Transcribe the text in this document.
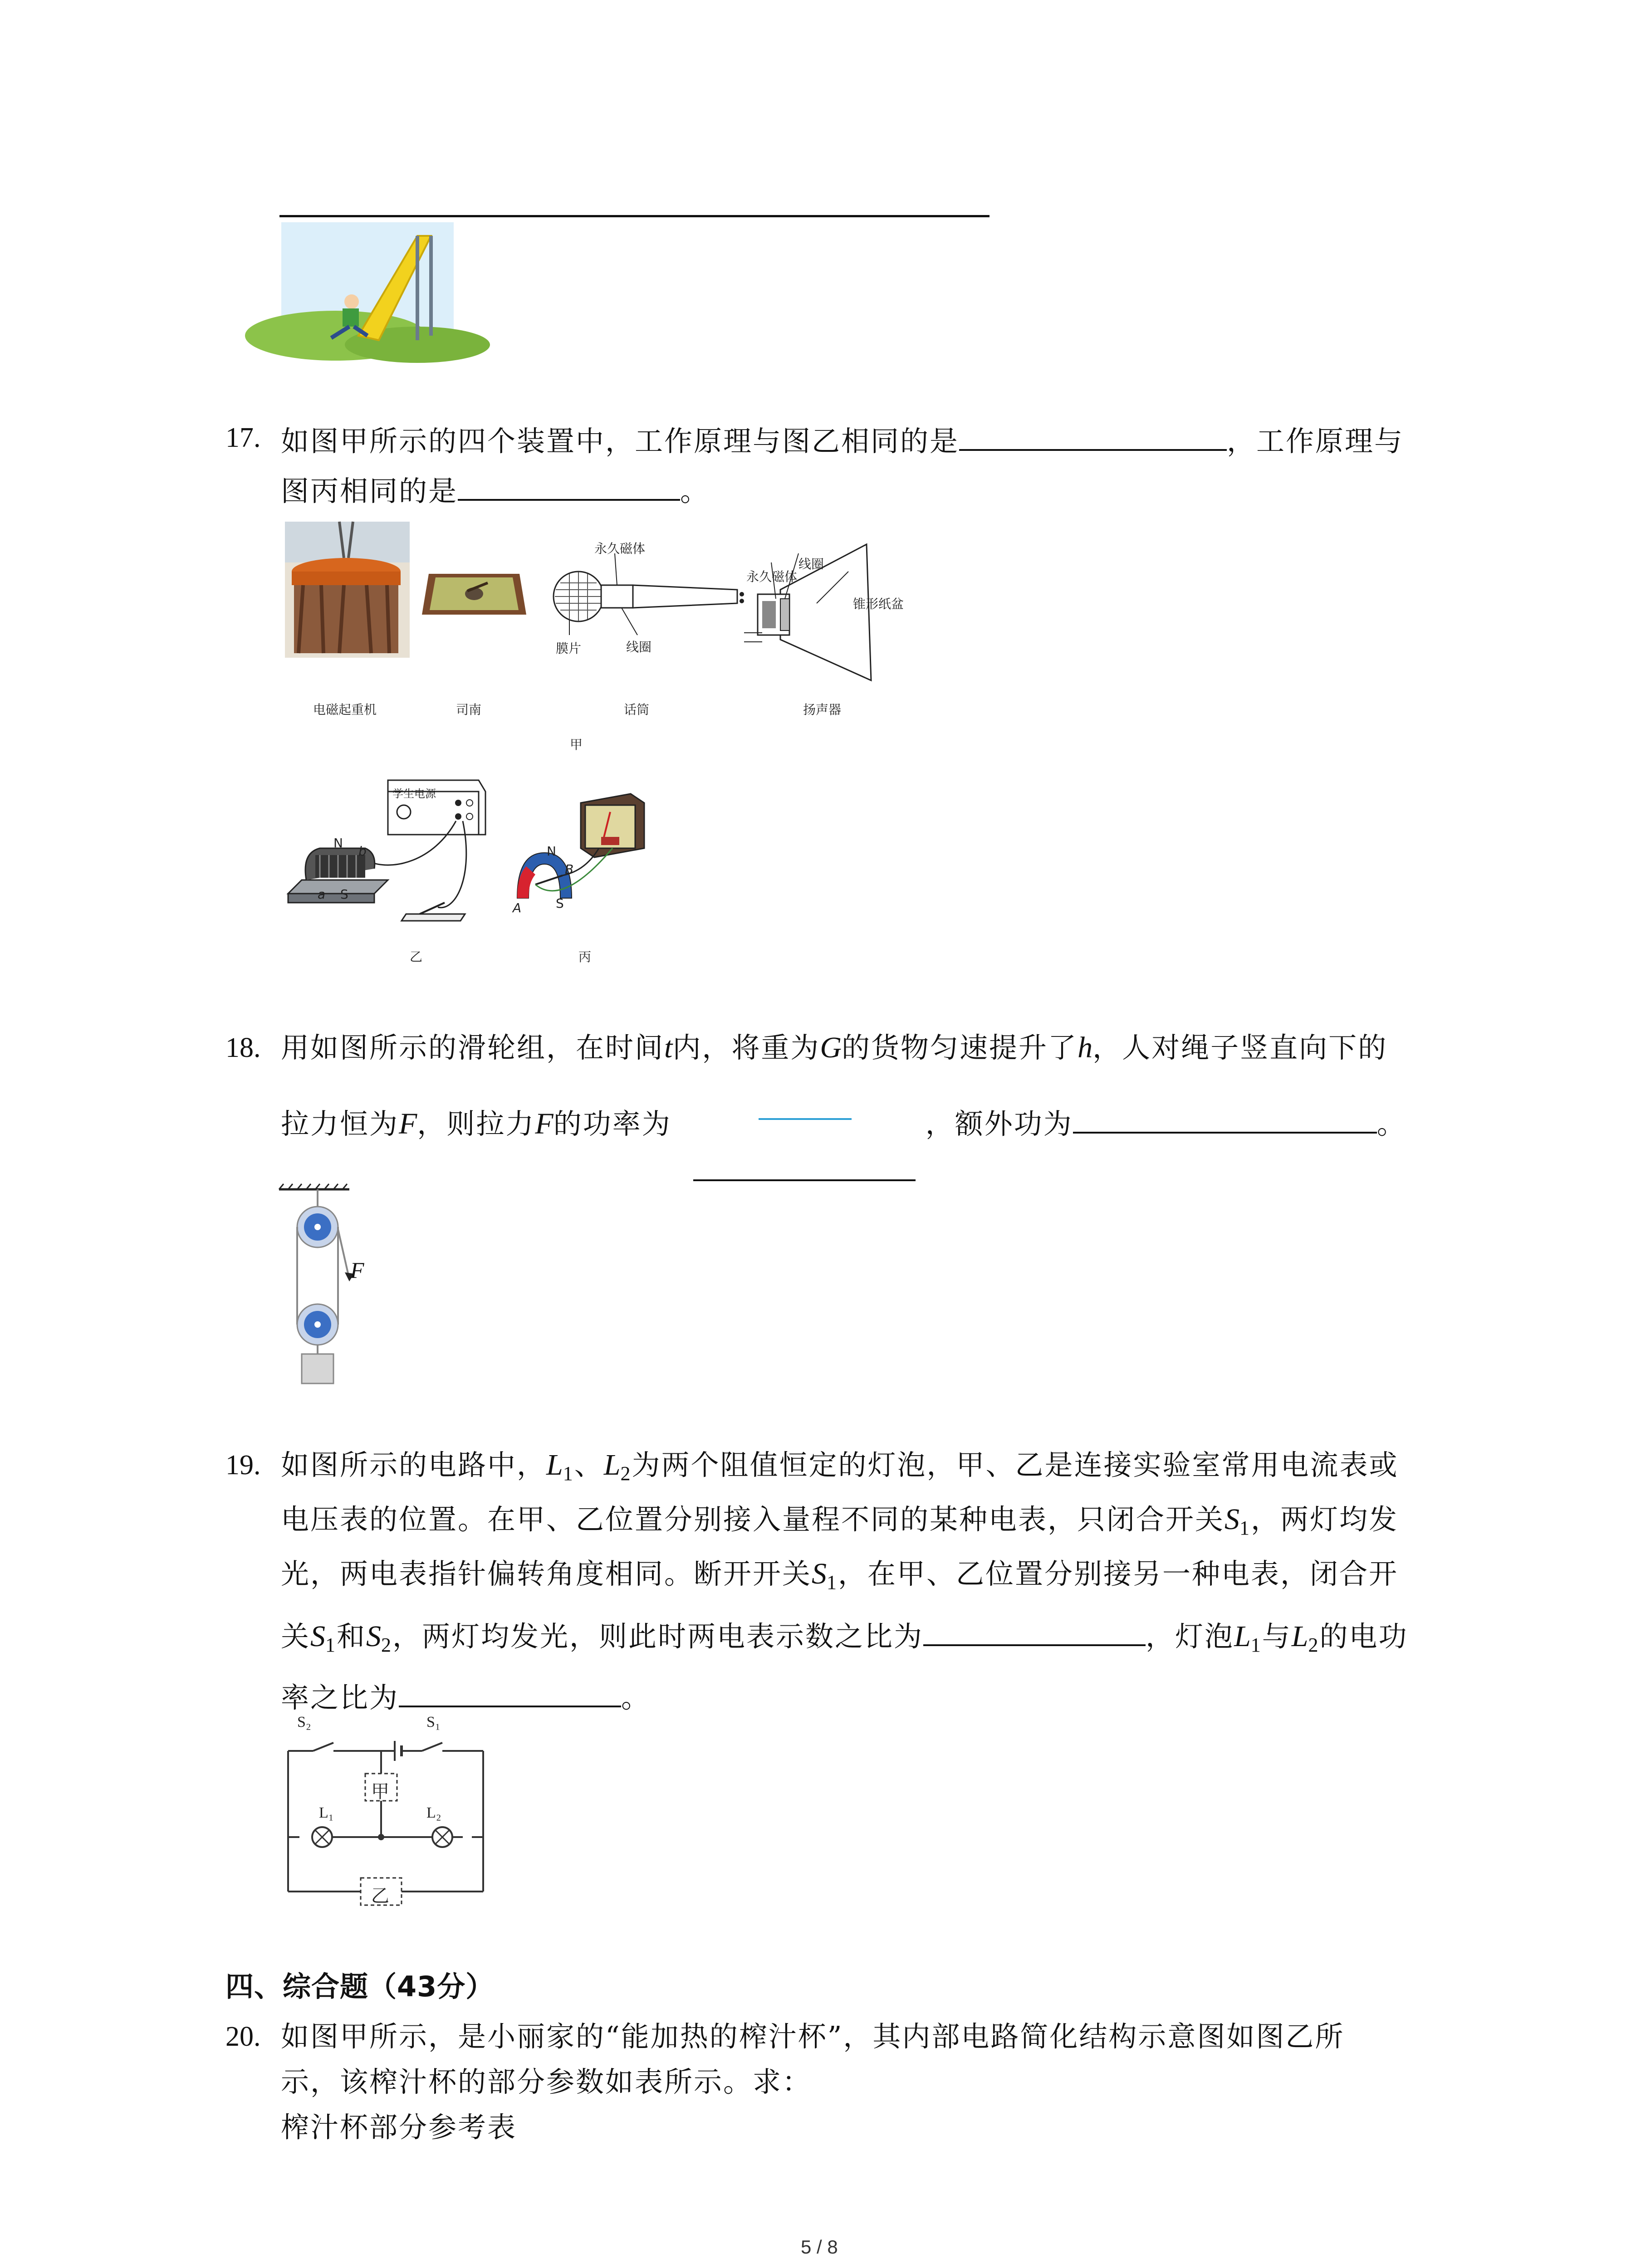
17. 如图甲所示的四个装置中，工作原理与图乙相同的是	，工作原理与
图丙相同的是	。
永久磁体
膜片	线圈
线圈
永久磁体
锥形纸盆
电磁起重机	司南	话筒	扬声器
甲
N
b
a S
学生电源
乙
N
B
A	S
丙
18. 用如图所示的滑轮组，在时间t内，将重为G的货物匀速提升了h，人对绳子竖直向下的
拉力恒为F，则拉力F的功率为	，额外功为	。
F
19. 如图所示的电路中，$L_1$、$L_2$为两个阻值恒定的灯泡，甲、乙是连接实验室常用电流表或
电压表的位置。在甲、乙位置分别接入量程不同的某种电表，只闭合开关$S_1$，两灯均发
光，两电表指针偏转角度相同。断开开关$S_1$，在甲、乙位置分别接另一种电表，闭合开
关$S_1$和$S_2$，两灯均发光，则此时两电表示数之比为	，灯泡$L_1$与$L_2$的电功
率之比为	。
S₂	S₁
甲
乙
L₁	L₂
四、综合题（43分）
20. 如图甲所示，是小丽家的“能加热的榨汁杯”，其内部电路简化结构示意图如图乙所
示，该榨汁杯的部分参数如表所示。求：
榨汁杯部分参考表
5 / 8
